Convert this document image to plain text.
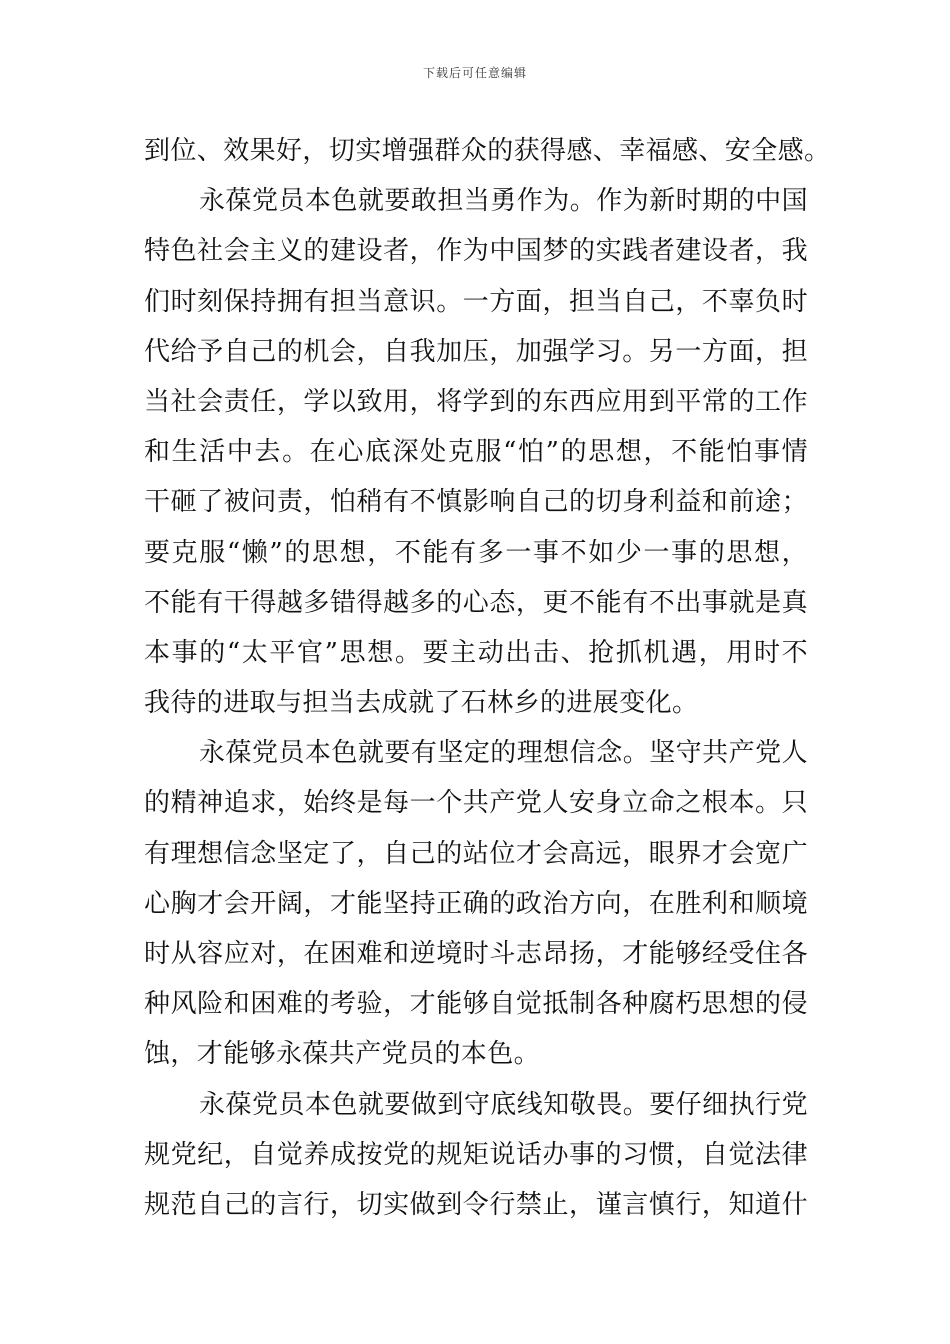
下载后可任意编辑
到位、效果好，切实增强群众的获得感、幸福感、安全感。
永葆党员本色就要敢担当勇作为。作为新时期的中国
特色社会主义的建设者，作为中国梦的实践者建设者，我
们时刻保持拥有担当意识。一方面，担当自己，不辜负时
代给予自己的机会，自我加压，加强学习。另一方面，担
当社会责任，学以致用，将学到的东西应用到平常的工作
和生活中去。在心底深处克服“怕”的思想，不能怕事情
干砸了被问责，怕稍有不慎影响自己的切身利益和前途；
要克服“懒”的思想，不能有多一事不如少一事的思想，
不能有干得越多错得越多的心态，更不能有不出事就是真
本事的“太平官”思想。要主动出击、抢抓机遇，用时不
我待的进取与担当去成就了石林乡的进展变化。
永葆党员本色就要有坚定的理想信念。坚守共产党人
的精神追求，始终是每一个共产党人安身立命之根本。只
有理想信念坚定了，自己的站位才会高远，眼界才会宽广
心胸才会开阔，才能坚持正确的政治方向，在胜利和顺境
时从容应对，在困难和逆境时斗志昂扬，才能够经受住各
种风险和困难的考验，才能够自觉抵制各种腐朽思想的侵
蚀，才能够永葆共产党员的本色。
永葆党员本色就要做到守底线知敬畏。要仔细执行党
规党纪，自觉养成按党的规矩说话办事的习惯，自觉法律
规范自己的言行，切实做到令行禁止，谨言慎行，知道什
